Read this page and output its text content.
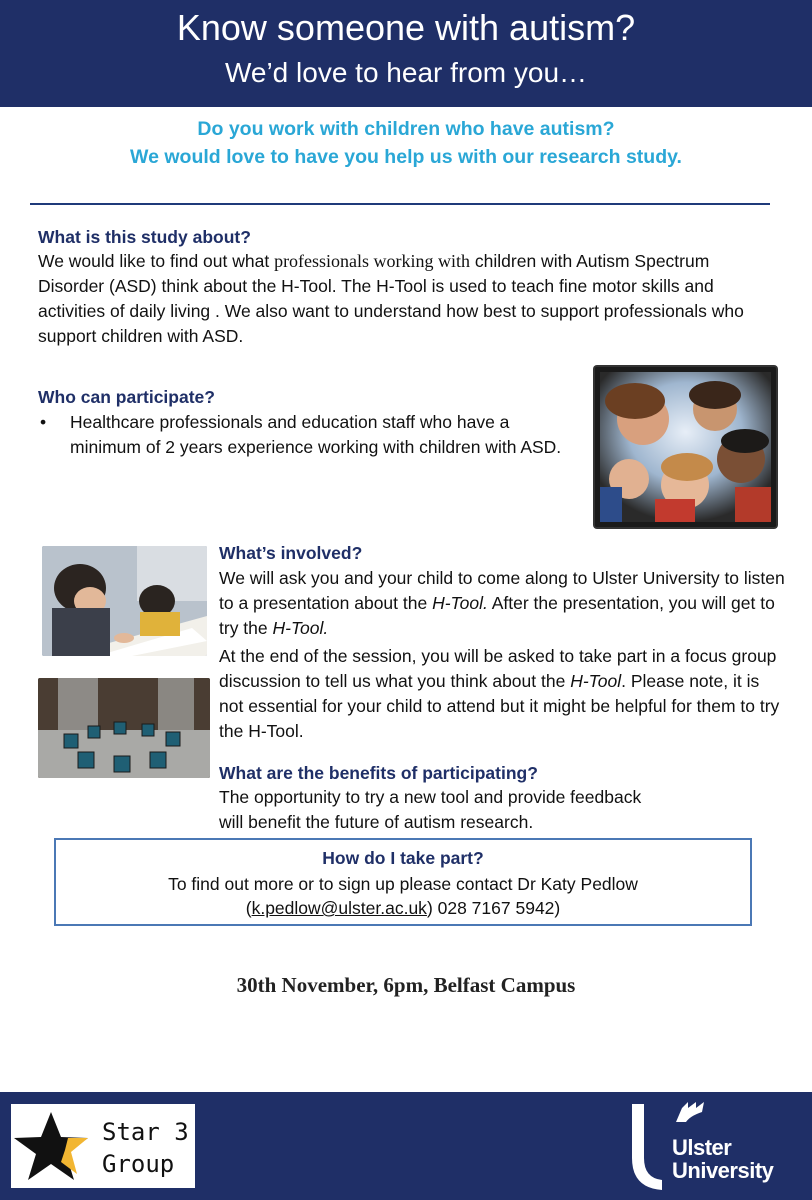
Know someone with autism?
We’d love to hear from you…
Do you work with children who have autism?
We would love to have you help us with our research study.
What is this study about?
We would like to find out what professionals working with children with Autism Spectrum Disorder (ASD) think about the H-Tool. The H-Tool is used to teach fine motor skills and activities of daily living . We also want to understand how best to support professionals who support children with ASD.
Who can participate?
• Healthcare professionals and education staff who have a minimum of 2 years experience working with children with ASD.
What’s involved?
We will ask you and your child to come along to Ulster University to listen to a presentation about the H-Tool. After the presentation, you will get to try the H-Tool.
At the end of the session, you will be asked to take part in a focus group discussion to tell us what you think about the H-Tool. Please note, it is not essential for your child to attend but it might be helpful for them to try the H-Tool.
What are the benefits of participating?
The opportunity to try a new tool and provide feedback
will benefit the future of autism research.
How do I take part?
To find out more or to sign up please contact Dr Katy Pedlow
(k.pedlow@ulster.ac.uk) 028 7167 5942)
30th November, 6pm, Belfast Campus
Star 3
Group
Ulster
University
